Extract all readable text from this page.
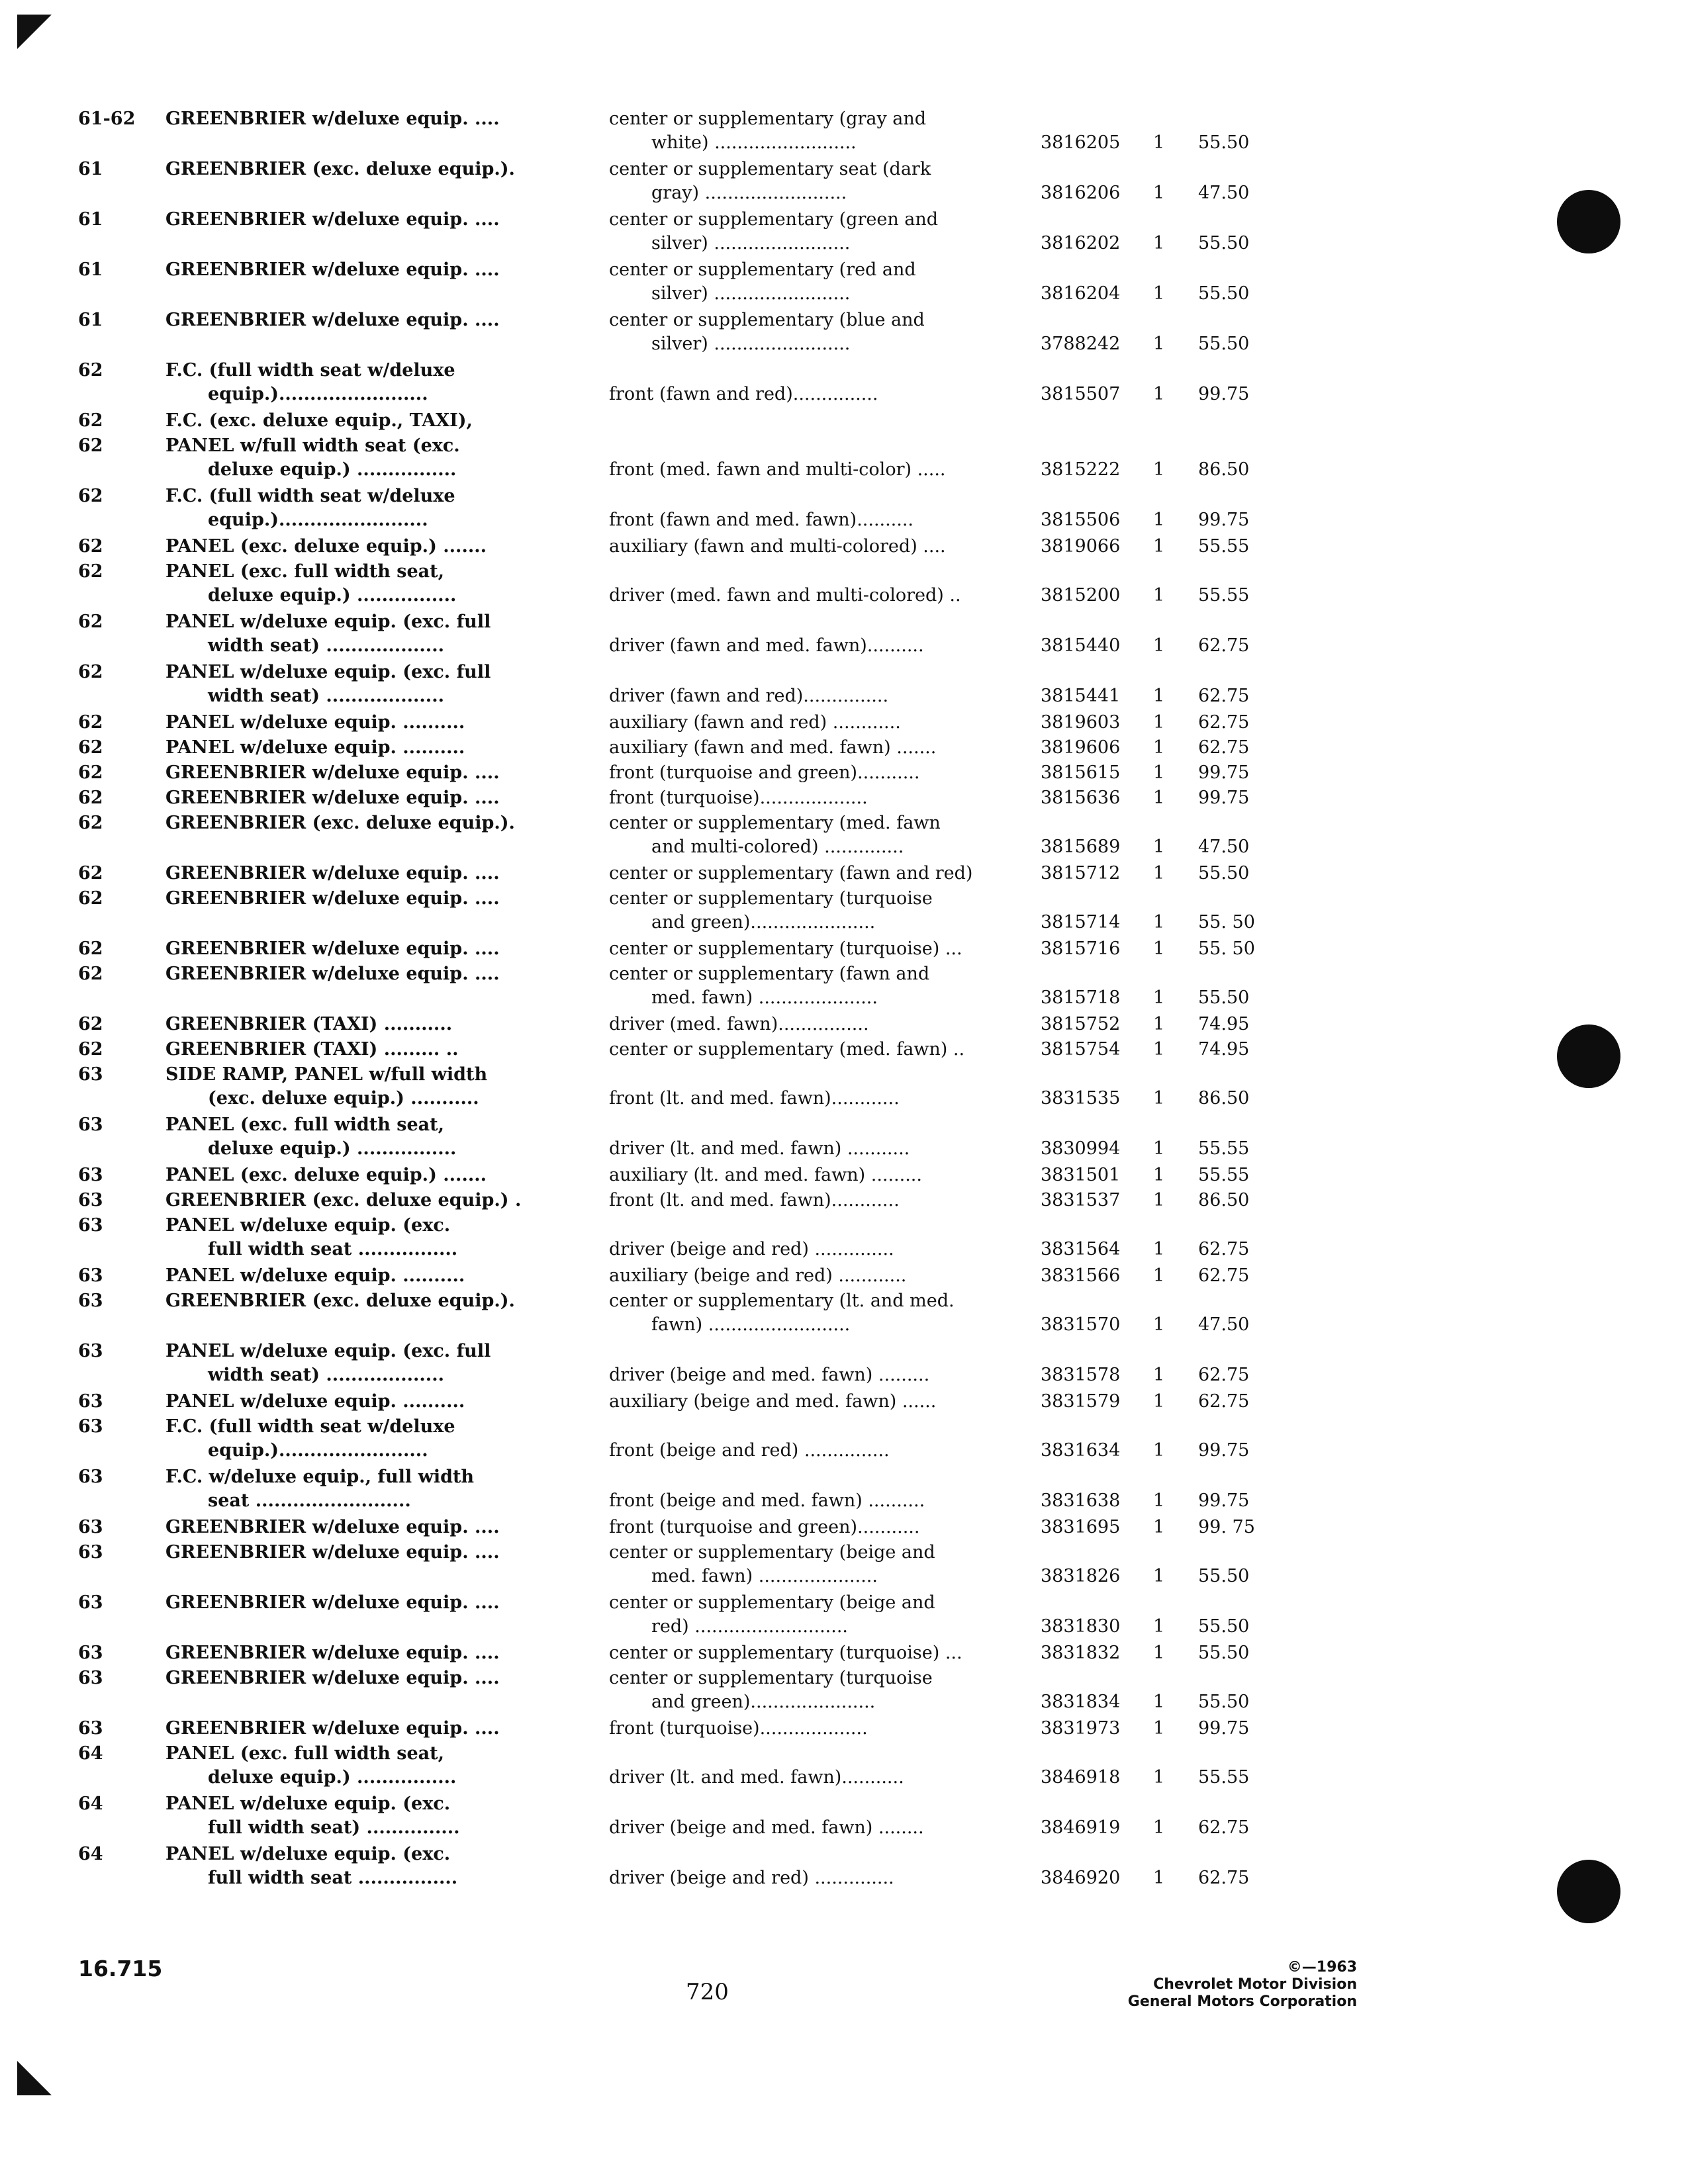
61-62	GREENBRIER w/deluxe equip. ....	center or supplementary (gray and
white) .........................	3816205	1	55.50
61	GREENBRIER (exc. deluxe equip.).	center or supplementary seat (dark
gray) .........................	3816206	1	47.50
61	GREENBRIER w/deluxe equip. ....	center or supplementary (green and
silver) ........................	3816202	1	55.50
61	GREENBRIER w/deluxe equip. ....	center or supplementary (red and
silver) ........................	3816204	1	55.50
61	GREENBRIER w/deluxe equip. ....	center or supplementary (blue and
silver) ........................	3788242	1	55.50
62	F.C. (full width seat w/deluxe
equip.)........................	front (fawn and red)...............	3815507	1	99.75
62	F.C. (exc. deluxe equip., TAXI),
62	PANEL w/full width seat (exc.
deluxe equip.) ................	front (med. fawn and multi-color) .....	3815222	1	86.50
62	F.C. (full width seat w/deluxe
equip.)........................	front (fawn and med. fawn)..........	3815506	1	99.75
62	PANEL (exc. deluxe equip.) .......	auxiliary (fawn and multi-colored) ....	3819066	1	55.55
62	PANEL (exc. full width seat,
deluxe equip.) ................	driver (med. fawn and multi-colored) ..	3815200	1	55.55
62	PANEL w/deluxe equip. (exc. full
width seat) ...................	driver (fawn and med. fawn)..........	3815440	1	62.75
62	PANEL w/deluxe equip. (exc. full
width seat) ...................	driver (fawn and red)...............	3815441	1	62.75
62	PANEL w/deluxe equip. ..........	auxiliary (fawn and red) ............	3819603	1	62.75
62	PANEL w/deluxe equip. ..........	auxiliary (fawn and med. fawn) .......	3819606	1	62.75
62	GREENBRIER w/deluxe equip. ....	front (turquoise and green)...........	3815615	1	99.75
62	GREENBRIER w/deluxe equip. ....	front (turquoise)...................	3815636	1	99.75
62	GREENBRIER (exc. deluxe equip.).	center or supplementary (med. fawn
and multi-colored) ..............	3815689	1	47.50
62	GREENBRIER w/deluxe equip. ....	center or supplementary (fawn and red)	3815712	1	55.50
62	GREENBRIER w/deluxe equip. ....	center or supplementary (turquoise
and green)......................	3815714	1	55. 50
62	GREENBRIER w/deluxe equip. ....	center or supplementary (turquoise) ...	3815716	1	55. 50
62	GREENBRIER w/deluxe equip. ....	center or supplementary (fawn and
med. fawn) .....................	3815718	1	55.50
62	GREENBRIER (TAXI) ...........	driver (med. fawn)................	3815752	1	74.95
62	GREENBRIER (TAXI) ......... ..	center or supplementary (med. fawn) ..	3815754	1	74.95
63	SIDE RAMP, PANEL w/full width
(exc. deluxe equip.) ...........	front (lt. and med. fawn)............	3831535	1	86.50
63	PANEL (exc. full width seat,
deluxe equip.) ................	driver (lt. and med. fawn) ...........	3830994	1	55.55
63	PANEL (exc. deluxe equip.) .......	auxiliary (lt. and med. fawn) .........	3831501	1	55.55
63	GREENBRIER (exc. deluxe equip.) .	front (lt. and med. fawn)............	3831537	1	86.50
63	PANEL w/deluxe equip. (exc.
full width seat ................	driver (beige and red) ..............	3831564	1	62.75
63	PANEL w/deluxe equip. ..........	auxiliary (beige and red) ............	3831566	1	62.75
63	GREENBRIER (exc. deluxe equip.).	center or supplementary (lt. and med.
fawn) .........................	3831570	1	47.50
63	PANEL w/deluxe equip. (exc. full
width seat) ...................	driver (beige and med. fawn) .........	3831578	1	62.75
63	PANEL w/deluxe equip. ..........	auxiliary (beige and med. fawn) ......	3831579	1	62.75
63	F.C. (full width seat w/deluxe
equip.)........................	front (beige and red) ...............	3831634	1	99.75
63	F.C. w/deluxe equip., full width
seat .........................	front (beige and med. fawn) ..........	3831638	1	99.75
63	GREENBRIER w/deluxe equip. ....	front (turquoise and green)...........	3831695	1	99. 75
63	GREENBRIER w/deluxe equip. ....	center or supplementary (beige and
med. fawn) .....................	3831826	1	55.50
63	GREENBRIER w/deluxe equip. ....	center or supplementary (beige and
red) ...........................	3831830	1	55.50
63	GREENBRIER w/deluxe equip. ....	center or supplementary (turquoise) ...	3831832	1	55.50
63	GREENBRIER w/deluxe equip. ....	center or supplementary (turquoise
and green)......................	3831834	1	55.50
63	GREENBRIER w/deluxe equip. ....	front (turquoise)...................	3831973	1	99.75
64	PANEL (exc. full width seat,
deluxe equip.) ................	driver (lt. and med. fawn)...........	3846918	1	55.55
64	PANEL w/deluxe equip. (exc.
full width seat) ...............	driver (beige and med. fawn) ........	3846919	1	62.75
64	PANEL w/deluxe equip. (exc.
full width seat ................	driver (beige and red) ..............	3846920	1	62.75
16.715
720
©—1963
Chevrolet Motor Division
General Motors Corporation
